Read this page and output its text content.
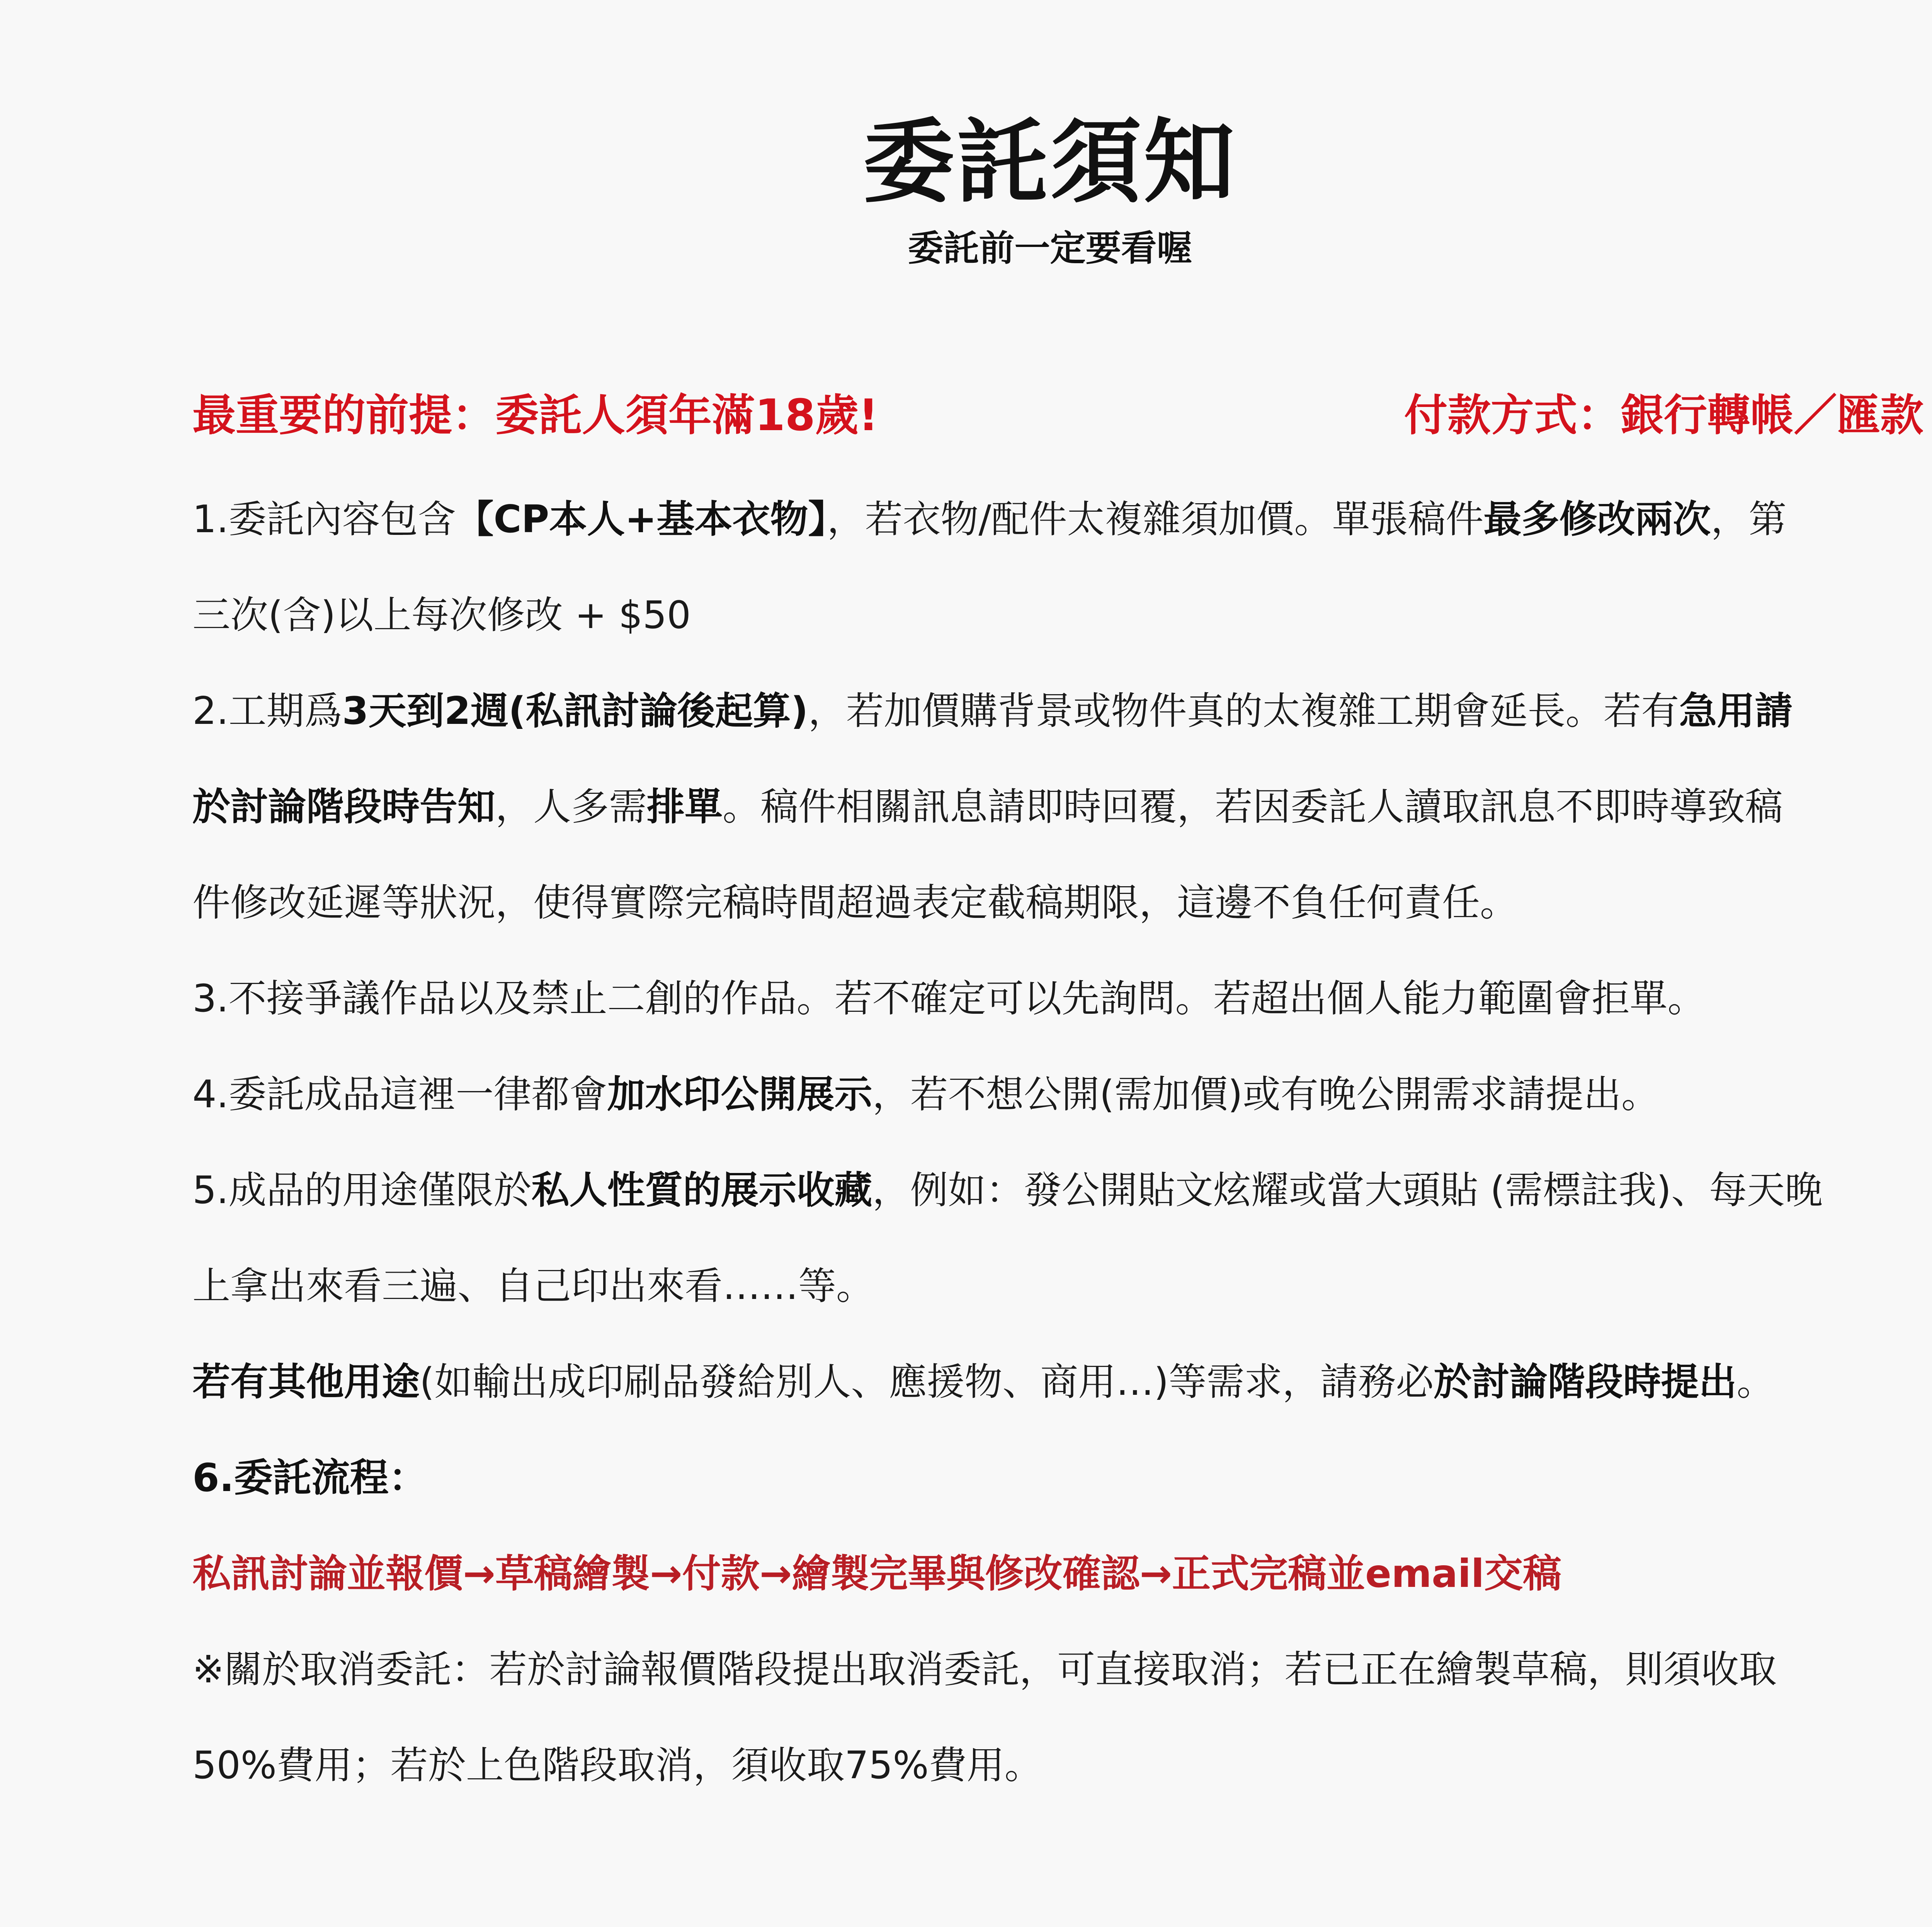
委託須知
委託前一定要看喔
最重要的前提：委託人須年滿18歲!	付款方式：銀行轉帳／匯款
1.委託內容包含【CP本人+基本衣物】，若衣物/配件太複雜須加價。單張稿件最多修改兩次，第
三次(含)以上每次修改 + $50
2.工期爲3天到2週(私訊討論後起算)，若加價購背景或物件真的太複雜工期會延長。若有急用請
於討論階段時告知，人多需排單。稿件相關訊息請即時回覆，若因委託人讀取訊息不即時導致稿
件修改延遲等狀況，使得實際完稿時間超過表定截稿期限，這邊不負任何責任。
3.不接爭議作品以及禁止二創的作品。若不確定可以先詢問。若超出個人能力範圍會拒單。
4.委託成品這裡一律都會加水印公開展示，若不想公開(需加價)或有晚公開需求請提出。
5.成品的用途僅限於私人性質的展示收藏，例如：發公開貼文炫耀或當大頭貼 (需標註我)、每天晚
上拿出來看三遍、自己印出來看……等。
若有其他用途(如輸出成印刷品發給別人、應援物、商用…)等需求，請務必於討論階段時提出。
6.委託流程：
私訊討論並報價→草稿繪製→付款→繪製完畢與修改確認→正式完稿並email交稿
※關於取消委託：若於討論報價階段提出取消委託，可直接取消；若已正在繪製草稿，則須收取
50%費用；若於上色階段取消，須收取75%費用。
